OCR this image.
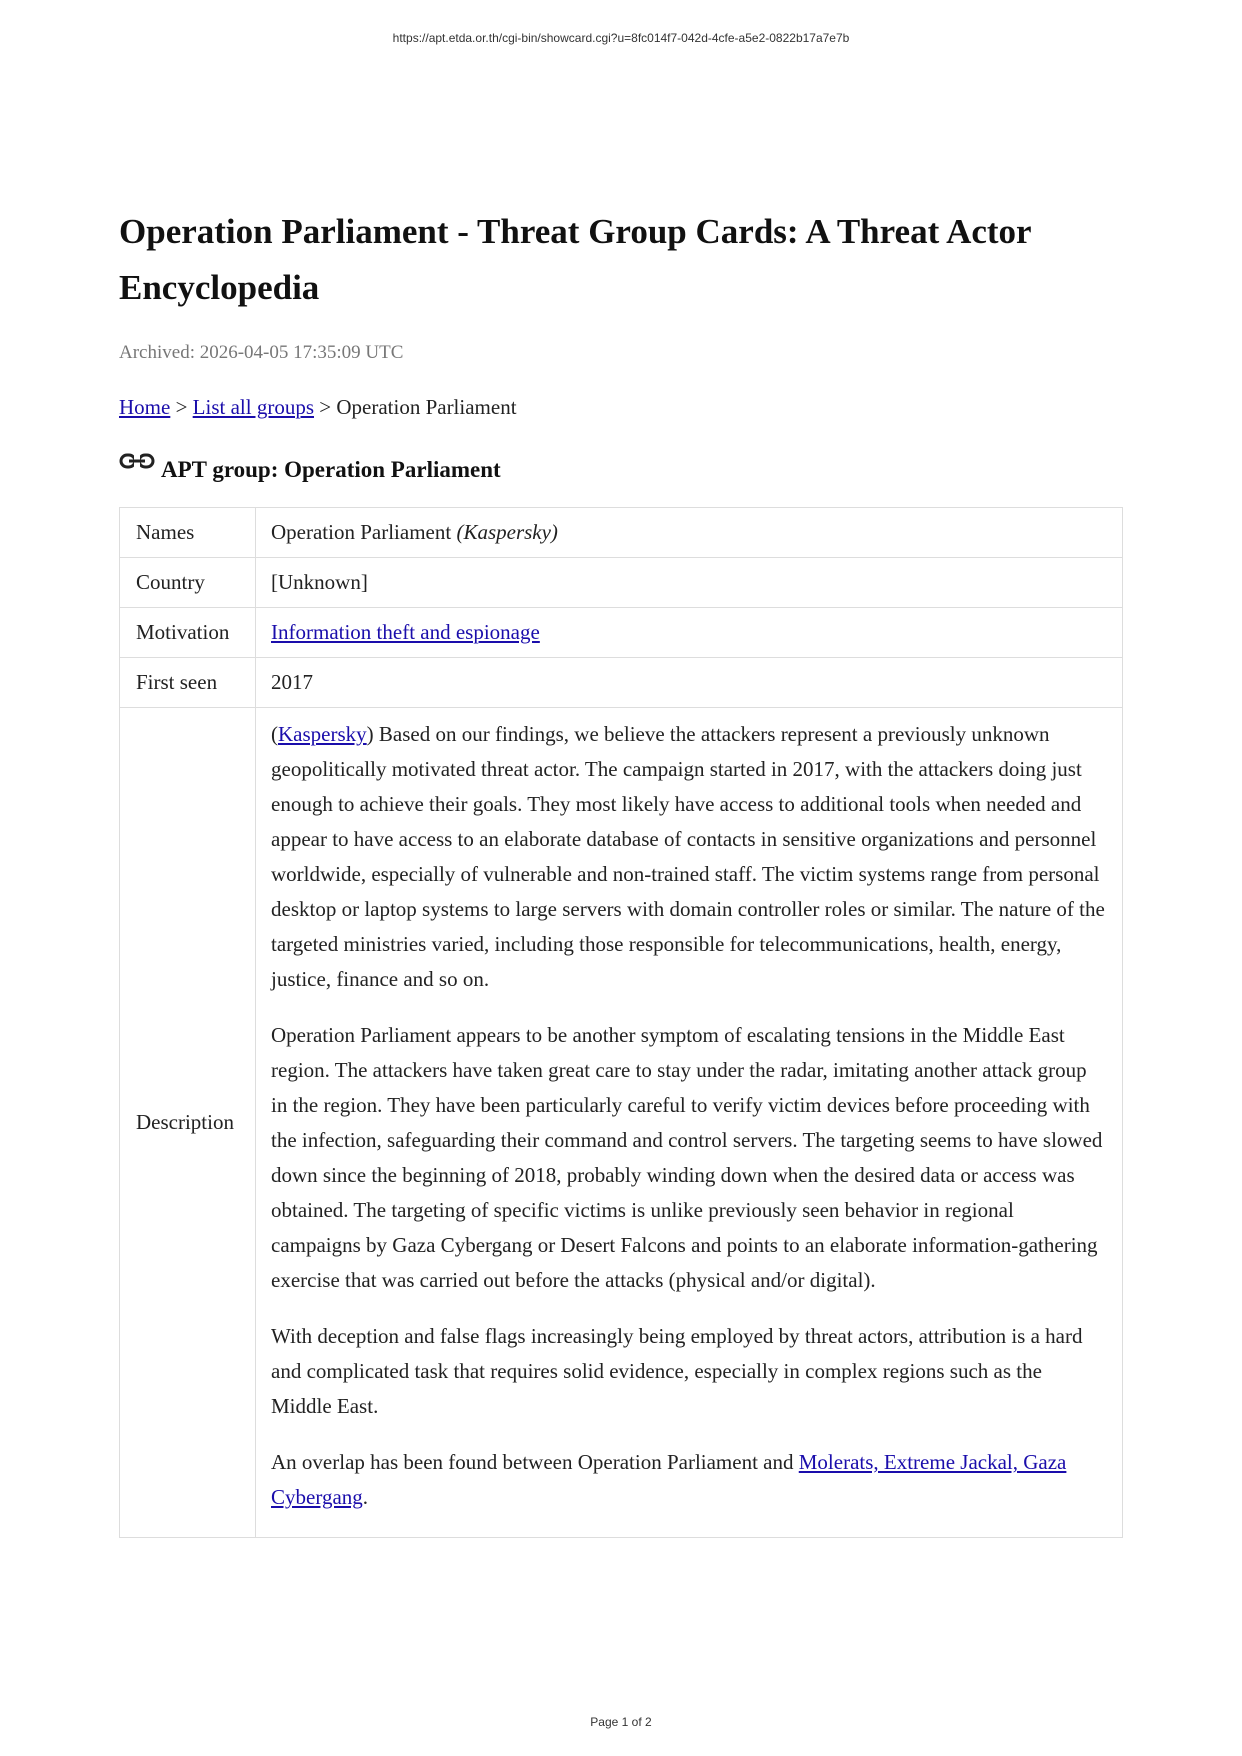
https://apt.etda.or.th/cgi-bin/showcard.cgi?u=8fc014f7-042d-4cfe-a5e2-0822b17a7e7b
Operation Parliament - Threat Group Cards: A Threat Actor Encyclopedia
Archived: 2026-04-05 17:35:09 UTC
Home > List all groups > Operation Parliament
APT group: Operation Parliament
Names	Operation Parliament (Kaspersky)
Country	[Unknown]
Motivation	Information theft and espionage
First seen	2017
Description	(Kaspersky) Based on our findings, we believe the attackers represent a previously unknown geopolitically motivated threat actor. The campaign started in 2017, with the attackers doing just enough to achieve their goals. They most likely have access to additional tools when needed and appear to have access to an elaborate database of contacts in sensitive organizations and personnel worldwide, especially of vulnerable and non-trained staff. The victim systems range from personal desktop or laptop systems to large servers with domain controller roles or similar. The nature of the targeted ministries varied, including those responsible for telecommunications, health, energy, justice, finance and so on.

Operation Parliament appears to be another symptom of escalating tensions in the Middle East region. The attackers have taken great care to stay under the radar, imitating another attack group in the region. They have been particularly careful to verify victim devices before proceeding with the infection, safeguarding their command and control servers. The targeting seems to have slowed down since the beginning of 2018, probably winding down when the desired data or access was obtained. The targeting of specific victims is unlike previously seen behavior in regional campaigns by Gaza Cybergang or Desert Falcons and points to an elaborate information-gathering exercise that was carried out before the attacks (physical and/or digital).

With deception and false flags increasingly being employed by threat actors, attribution is a hard and complicated task that requires solid evidence, especially in complex regions such as the Middle East.

An overlap has been found between Operation Parliament and Molerats, Extreme Jackal, Gaza Cybergang.

Page 1 of 2
